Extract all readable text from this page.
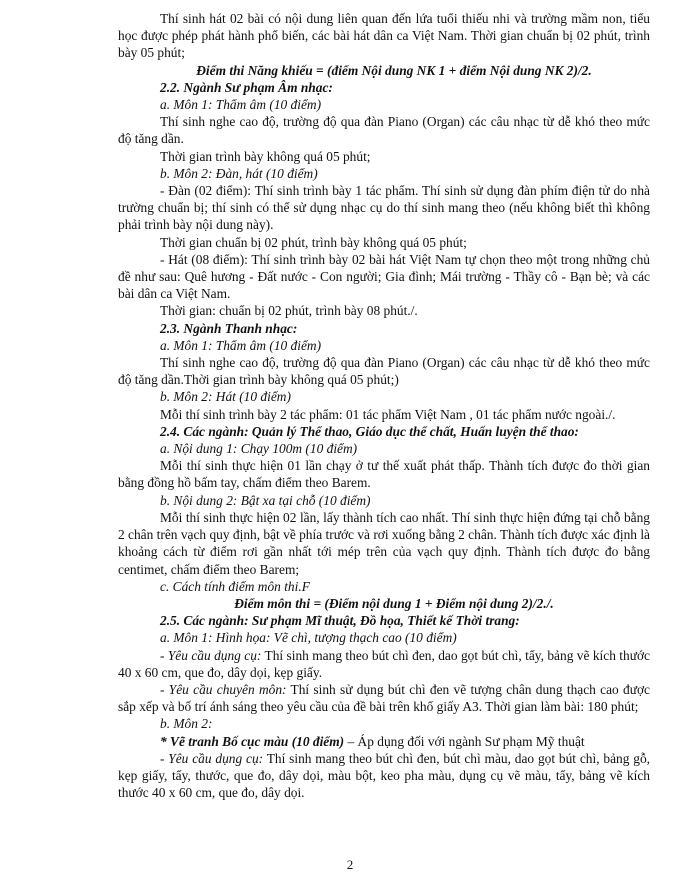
Thí sinh hát 02 bài có nội dung liên quan đến lứa tuổi thiếu nhi và trường mầm non, tiểu học được phép phát hành phổ biến, các bài hát dân ca Việt Nam. Thời gian chuẩn bị 02 phút, trình bày 05 phút;

Điểm thi Năng khiếu = (điểm Nội dung NK 1 + điểm Nội dung NK 2)/2.

2.2. Ngành Sư phạm Âm nhạc:

a. Môn 1: Thẩm âm (10 điểm)

Thí sinh nghe cao độ, trường độ qua đàn Piano (Organ) các câu nhạc từ dễ khó theo mức độ tăng dần.

Thời gian trình bày không quá 05 phút;

b. Môn 2: Đàn, hát (10 điểm)

- Đàn (02 điểm): Thí sinh trình bày 1 tác phẩm. Thí sinh sử dụng đàn phím điện tử do nhà trường chuẩn bị; thí sinh có thể sử dụng nhạc cụ do thí sinh mang theo (nếu không biết thì không phải trình bày nội dung này).

Thời gian chuẩn bị 02 phút, trình bày không quá 05 phút;

- Hát (08 điểm): Thí sinh trình bày 02 bài hát Việt Nam tự chọn theo một trong những chủ đề như sau: Quê hương - Đất nước - Con người; Gia đình; Mái trường - Thầy cô - Bạn bè; và các bài dân ca Việt Nam.

Thời gian: chuẩn bị 02 phút, trình bày 08 phút./.

2.3. Ngành Thanh nhạc:

a. Môn 1: Thẩm âm (10 điểm)

Thí sinh nghe cao độ, trường độ qua đàn Piano (Organ) các câu nhạc từ dễ khó theo mức độ tăng dần.Thời gian trình bày không quá 05 phút;)

b. Môn 2: Hát (10 điểm)

Mỗi thí sinh trình bày 2 tác phẩm: 01 tác phẩm Việt Nam , 01 tác phẩm nước ngoài./.

2.4. Các ngành: Quản lý Thể thao, Giáo dục thể chất, Huấn luyện thể thao:

a. Nội dung 1: Chạy 100m (10 điểm)

Mỗi thí sinh thực hiện 01 lần chạy ở tư thế xuất phát thấp. Thành tích được đo thời gian bằng đồng hồ bấm tay, chấm điểm theo Barem.

b. Nội dung 2: Bật xa tại chỗ (10 điểm)

Mỗi thí sinh thực hiện 02 lần, lấy thành tích cao nhất. Thí sinh thực hiện đứng tại chỗ bằng 2 chân trên vạch quy định, bật về phía trước và rơi xuống bằng 2 chân. Thành tích được xác định là khoảng cách từ điểm rơi gần nhất tới mép trên của vạch quy định. Thành tích được đo bằng centimet, chấm điểm theo Barem;

c. Cách tính điểm môn thi.F

Điểm môn thi = (Điểm nội dung 1 + Điểm nội dung 2)/2./.

2.5. Các ngành: Sư phạm Mĩ thuật, Đồ họa, Thiết kế Thời trang:

a. Môn 1: Hình họa: Vẽ chì, tượng thạch cao (10 điểm)

- Yêu cầu dụng cụ: Thí sinh mang theo bút chì đen, dao gọt bút chì, tẩy, bảng vẽ kích thước 40 x 60 cm, que đo, dây dọi, kẹp giấy.

- Yêu cầu chuyên môn: Thí sinh sử dụng bút chì đen vẽ tượng chân dung thạch cao được sắp xếp và bố trí ánh sáng theo yêu cầu của đề bài trên khổ giấy A3. Thời gian làm bài: 180 phút;

b. Môn 2:

* Vẽ tranh Bố cục màu (10 điểm) – Áp dụng đối với ngành Sư phạm Mỹ thuật

- Yêu cầu dụng cụ: Thí sinh mang theo bút chì đen, bút chì màu, dao gọt bút chì, bảng gỗ, kẹp giấy, tẩy, thước, que đo, dây dọi, màu bột, keo pha màu, dụng cụ vẽ màu, tẩy, bảng vẽ kích thước 40 x 60 cm, que đo, dây dọi.

2
